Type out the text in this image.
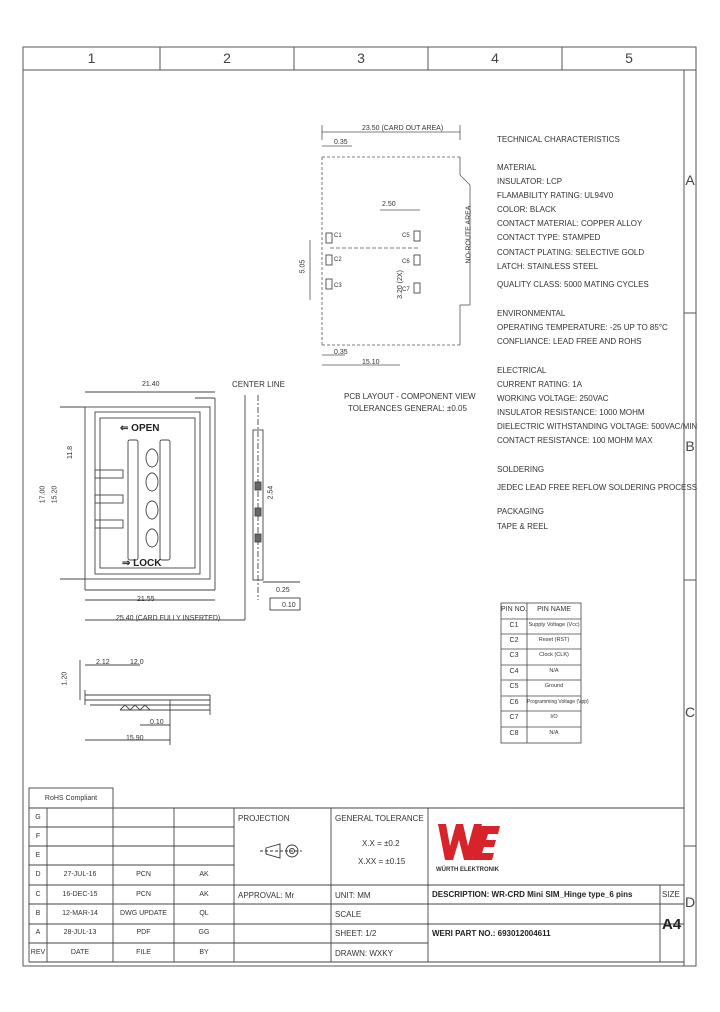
1	2	3	4	5
A
B
C
D
TECHNICAL CHARACTERISTICS
MATERIAL
INSULATOR: LCP
FLAMABILITY RATING: UL94V0
COLOR: BLACK
CONTACT MATERIAL: COPPER ALLOY
CONTACT TYPE: STAMPED
CONTACT PLATING: SELECTIVE GOLD
LATCH: STAINLESS STEEL
QUALITY CLASS: 5000 MATING CYCLES
ENVIRONMENTAL
OPERATING TEMPERATURE: -25 UP TO 85°C
CONFLIANCE: LEAD FREE AND ROHS
ELECTRICAL
CURRENT RATING: 1A
WORKING VOLTAGE: 250VAC
INSULATOR RESISTANCE: 1000 MOHM
DIELECTRIC WITHSTANDING VOLTAGE: 500VAC/MIN
CONTACT RESISTANCE: 100 MOHM MAX
SOLDERING
JEDEC LEAD FREE REFLOW SOLDERING PROCESS
PACKAGING
TAPE & REEL
23.50 (CARD OUT AREA)
0.35
2.50
0.35
15.10
5.05
3.20 (2X)
NO-ROUTE AREA
C1
C2
C3
C5
C6
C7
PCB LAYOUT - COMPONENT VIEW
TOLERANCES GENERAL: ±0.05
⇐ OPEN
⇒ LOCK
CENTER LINE
21.40
21.55
25.40 (CARD FULLY INSERTED)
17.00 15.20
11.8
2.54
0.25
0.10
1.20
2.12	12.0
0.10
15.90
PIN NO.	PIN NAME
C1	Supply Voltage (Vcc)
C2	Reset (RST)
C3	Clock (CLK)
C4	N/A
C5	Ground
C6	Programming Voltage (Vpp)
C7	I/O
C8	N/A
RoHS Compliant
G
F
E
D	27-JUL-16	PCN	AK
C	16-DEC-15	PCN	AK
B	12-MAR-14	DWG UPDATE	QL
A	28-JUL-13	PDF	GG
REV	DATE	FILE	BY
PROJECTION	GENERAL TOLERANCE
X.X = ±0.2
X.XX = ±0.15
APPROVAL: Mr	UNIT: MM
SCALE
SHEET: 1/2
DRAWN: WXKY
DESCRIPTION: WR-CRD Mini SIM_Hinge type_6 pins
WERI PART NO.: 693012004611
SIZE
A4
WÜRTH ELEKTRONIK
